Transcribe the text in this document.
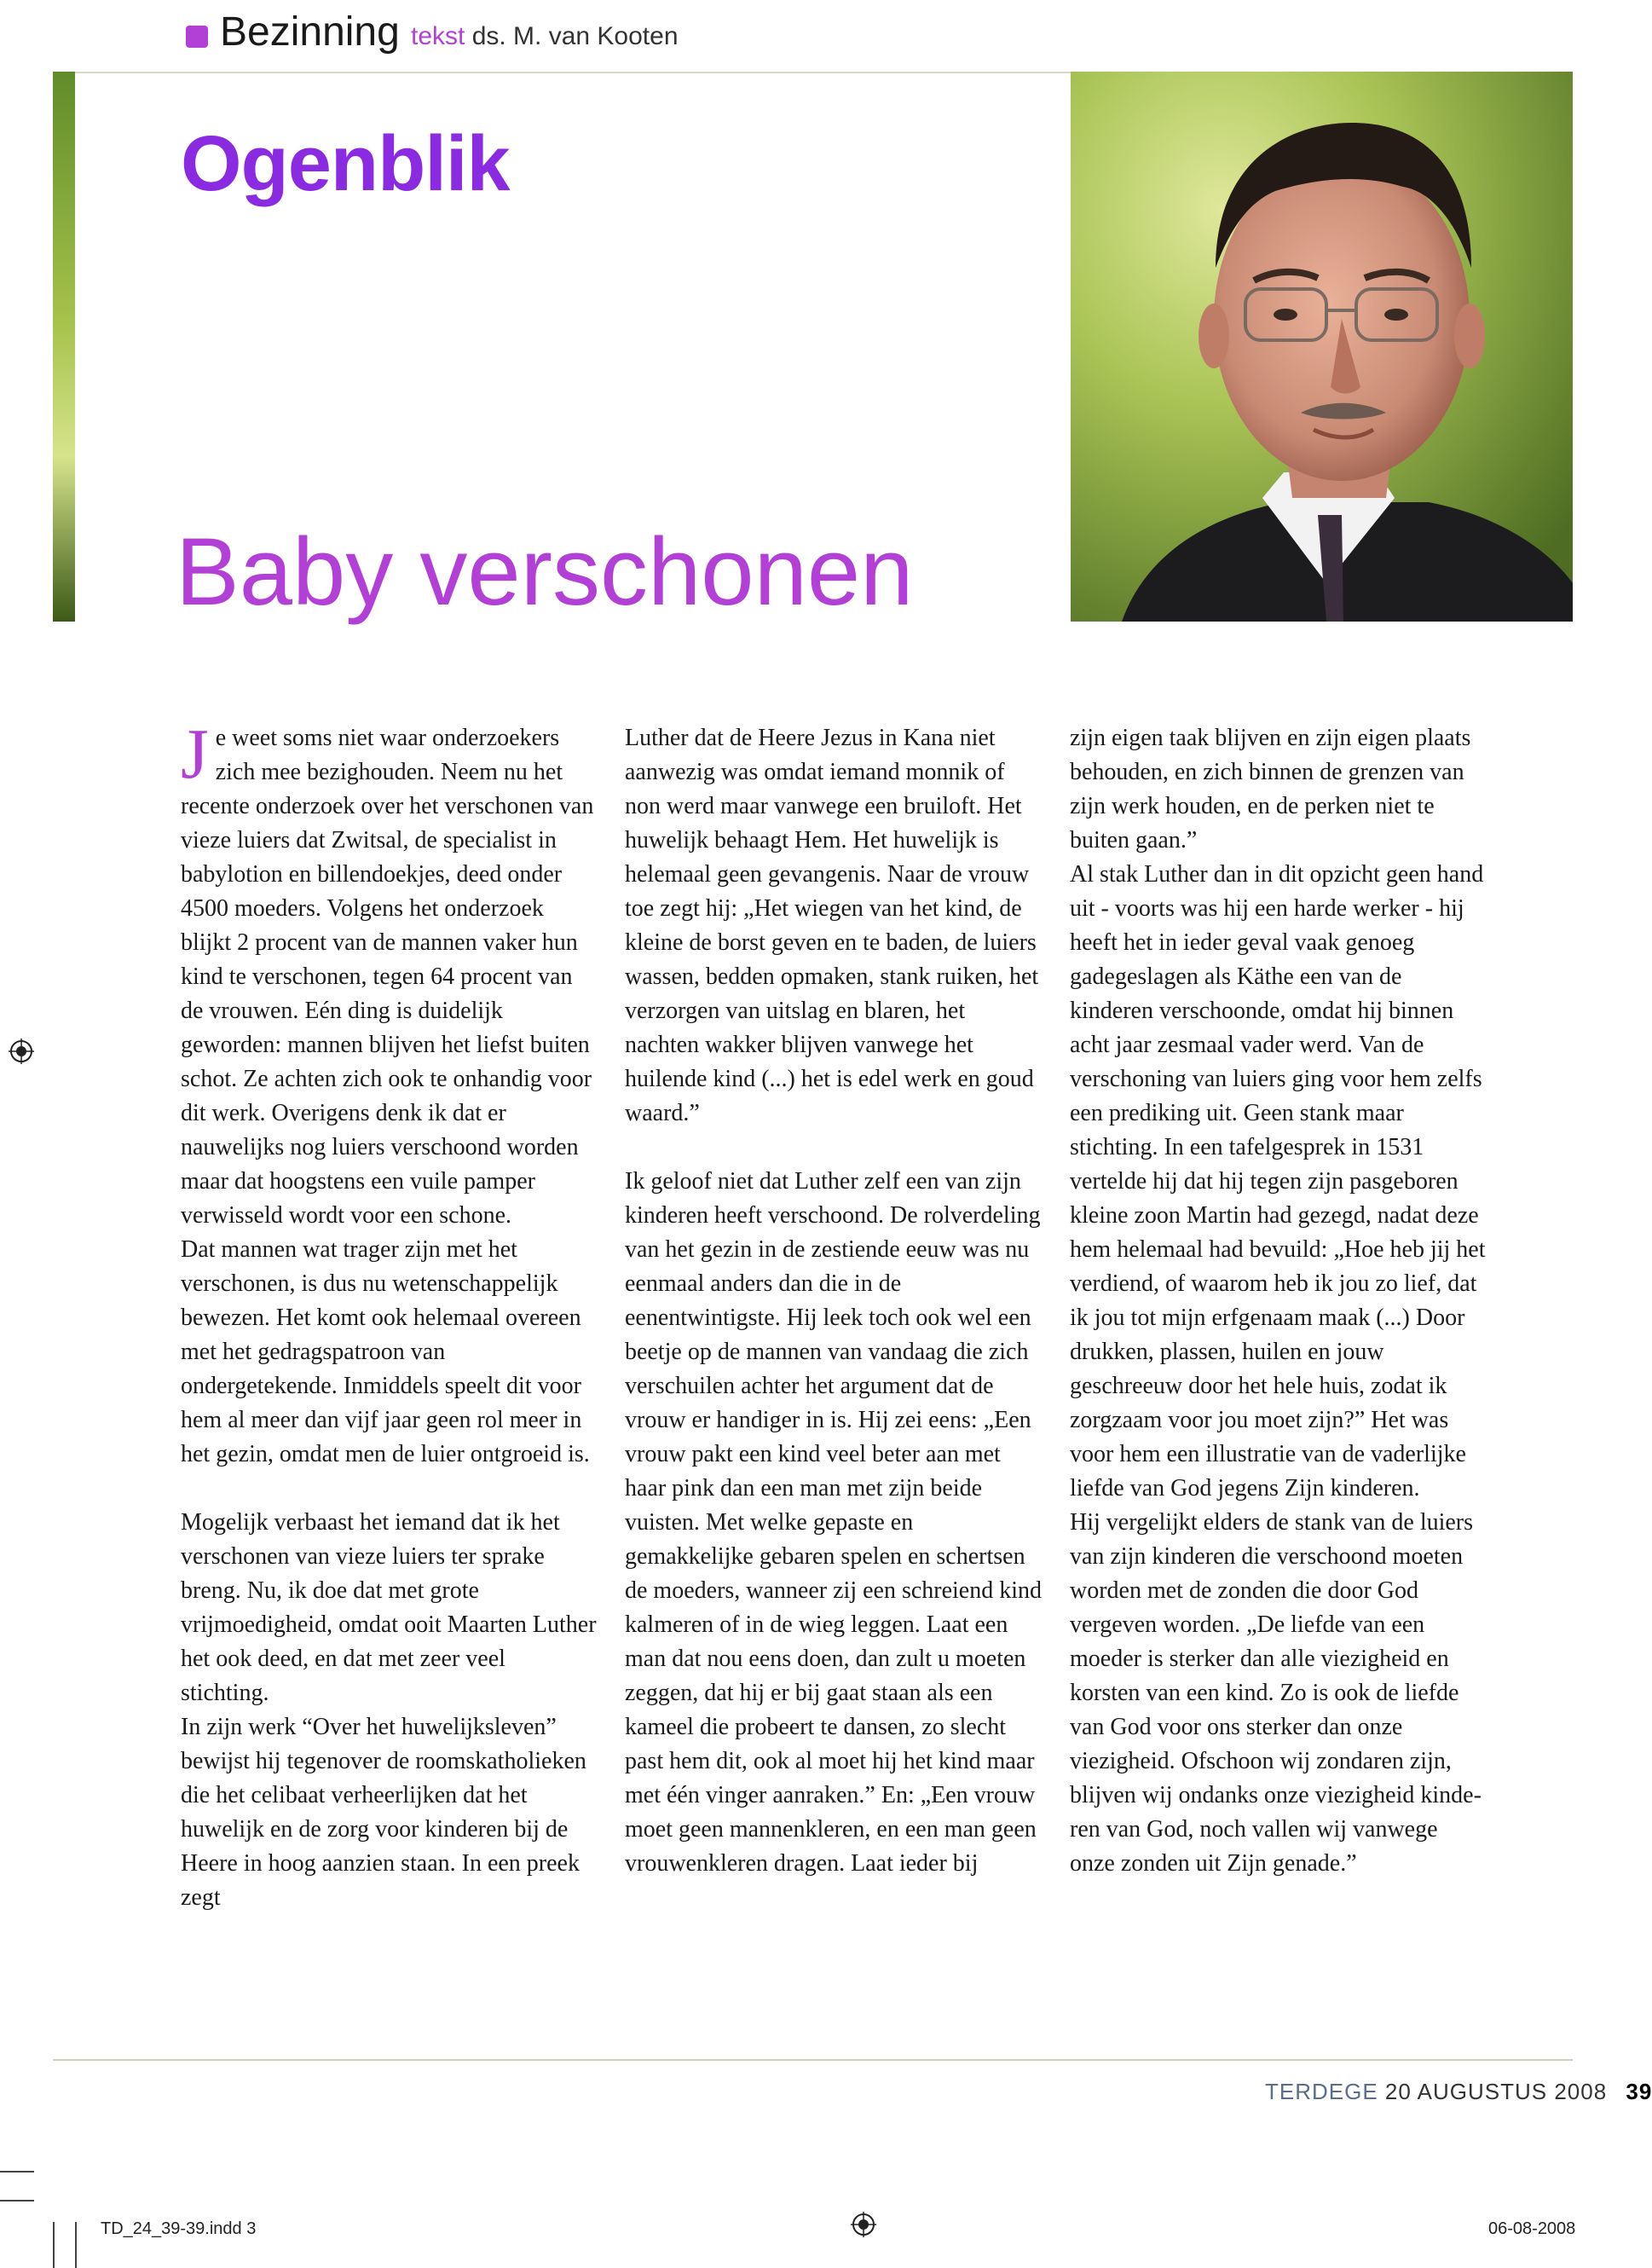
Bezinning tekst ds. M. van Kooten
Ogenblik
Baby verschonen

Je weet soms niet waar onderzoekers zich mee bezighouden. Neem nu het recente onderzoek over het verschonen van vieze luiers dat Zwitsal, de specialist in babylotion en billendoekjes, deed onder 4500 moeders. Volgens het onderzoek blijkt 2 procent van de mannen vaker hun kind te verschonen, tegen 64 procent van de vrouwen. Eén ding is duidelijk geworden: mannen blijven het liefst buiten schot. Ze achten zich ook te onhandig voor dit werk. Overigens denk ik dat er nauwelijks nog luiers verschoond worden maar dat hoogstens een vuile pamper verwisseld wordt voor een schone.

Dat mannen wat trager zijn met het verschonen, is dus nu wetenschappelijk bewezen. Het komt ook helemaal overeen met het gedragspatroon van ondergetekende. Inmiddels speelt dit voor hem al meer dan vijf jaar geen rol meer in het gezin, omdat men de luier ontgroeid is.

Mogelijk verbaast het iemand dat ik het verschonen van vieze luiers ter sprake breng. Nu, ik doe dat met grote vrijmoedigheid, omdat ooit Maarten Luther het ook deed, en dat met zeer veel stichting.

In zijn werk “Over het huwelijksleven” bewijst hij tegenover de roomskatholieken die het celibaat verheerlijken dat het huwelijk en de zorg voor kinderen bij de Heere in hoog aanzien staan. In een preek zegt

Luther dat de Heere Jezus in Kana niet aanwezig was omdat iemand monnik of non werd maar vanwege een bruiloft. Het huwelijk behaagt Hem. Het huwelijk is helemaal geen gevangenis. Naar de vrouw toe zegt hij: „Het wiegen van het kind, de kleine de borst geven en te baden, de luiers wassen, bedden opmaken, stank ruiken, het verzorgen van uitslag en blaren, het nachten wakker blijven vanwege het huilende kind (...) het is edel werk en goud waard.”

Ik geloof niet dat Luther zelf een van zijn kinderen heeft verschoond. De rolverdeling van het gezin in de zestiende eeuw was nu eenmaal anders dan die in de eenentwintigste. Hij leek toch ook wel een beetje op de mannen van vandaag die zich verschuilen achter het argument dat de vrouw er handiger in is. Hij zei eens: „Een vrouw pakt een kind veel beter aan met haar pink dan een man met zijn beide vuisten. Met welke gepaste en gemakkelijke gebaren spelen en schertsen de moeders, wanneer zij een schreiend kind kalmeren of in de wieg leggen. Laat een man dat nou eens doen, dan zult u moeten zeggen, dat hij er bij gaat staan als een kameel die probeert te dansen, zo slecht past hem dit, ook al moet hij het kind maar met één vinger aanraken.” En: „Een vrouw moet geen mannenkleren, en een man geen vrouwenkleren dragen. Laat ieder bij

zijn eigen taak blijven en zijn eigen plaats behouden, en zich binnen de grenzen van zijn werk houden, en de perken niet te buiten gaan.”

Al stak Luther dan in dit opzicht geen hand uit - voorts was hij een harde werker - hij heeft het in ieder geval vaak genoeg gadegeslagen als Käthe een van de kinderen verschoonde, omdat hij binnen acht jaar zesmaal vader werd. Van de verschoning van luiers ging voor hem zelfs een prediking uit. Geen stank maar stichting. In een tafelgesprek in 1531 vertelde hij dat hij tegen zijn pasgeboren kleine zoon Martin had gezegd, nadat deze hem helemaal had bevuild: „Hoe heb jij het verdiend, of waarom heb ik jou zo lief, dat ik jou tot mijn erfgenaam maak (...) Door drukken, plassen, huilen en jouw geschreeuw door het hele huis, zodat ik zorgzaam voor jou moet zijn?” Het was voor hem een illustratie van de vaderlijke liefde van God jegens Zijn kinderen.

Hij vergelijkt elders de stank van de luiers van zijn kinderen die verschoond moeten worden met de zonden die door God vergeven worden. „De liefde van een moeder is sterker dan alle viezigheid en korsten van een kind. Zo is ook de liefde van God voor ons sterker dan onze viezigheid. Ofschoon wij zondaren zijn, blijven wij ondanks onze viezigheid kinderen van God, noch vallen wij vanwege onze zonden uit Zijn genade.”

TERDEGE 20 AUGUSTUS 2008 39
TD_24_39-39.indd 3	06-08-2008
